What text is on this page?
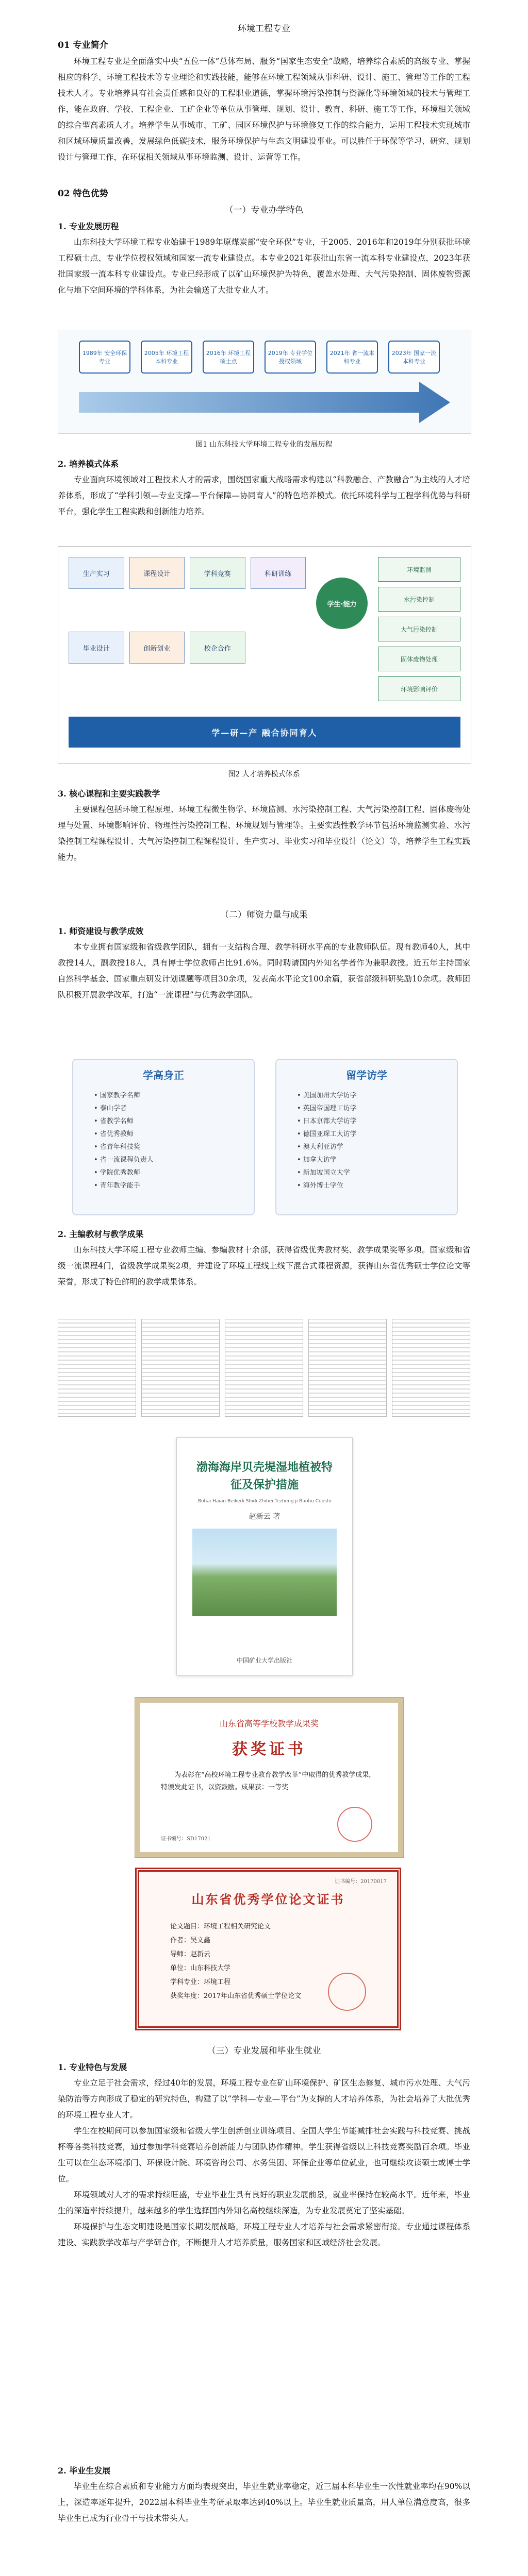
环境工程专业

01 专业简介

环境工程专业是全面落实中央“五位一体”总体布局、服务“国家生态安全”战略，培养综合素质的高级专业、掌握相应的科学、环境工程技术等专业理论和实践技能，能够在环境工程领域从事科研、设计、施工、管理等工作的工程技术人才。专业培养具有社会责任感和良好的工程职业道德，掌握环境污染控制与资源化等环境领域的技术与管理工作，能在政府、学校、工程企业、工矿企业等单位从事管理、规划、设计、教育、科研、施工等工作，环境相关领域的综合型高素质人才。培养学生从事城市、工矿、园区环境保护与环境修复工作的综合能力，运用工程技术实现城市和区域环境质量改善，发展绿色低碳技术，服务环境保护与生态文明建设事业。可以胜任于环保等学习、研究、规划设计与管理工作，在环保相关领域从事环境监测、设计、运营等工作。

02 特色优势

（一）专业办学特色

1. 专业发展历程

山东科技大学环境工程专业始建于1989年原煤炭部“安全环保”专业，于2005、2016年和2019年分别获批环境工程硕士点、专业学位授权领域和国家一流专业建设点。本专业2021年获批山东省一流本科专业建设点，2023年获批国家级一流本科专业建设点。专业已经形成了以矿山环境保护为特色，覆盖水处理、大气污染控制、固体废物资源化与地下空间环境的学科体系，为社会输送了大批专业人才。

1989年 安全环保专业
2005年 环境工程本科专业
2016年 环境工程硕士点
2019年 专业学位授权领域
2021年 省一流本科专业
2023年 国家一流本科专业
图1 山东科技大学环境工程专业的发展历程

2. 培养模式体系

专业面向环境领域对工程技术人才的需求，围绕国家重大战略需求构建以“科教融合、产教融合”为主线的人才培养体系，形成了“学科引领—专业支撑—平台保障—协同育人”的特色培养模式。依托环境科学与工程学科优势与科研平台，强化学生工程实践和创新能力培养。

生产实习	课程设计	学科竞赛	科研训练
毕业设计	创新创业	校企合作
学生·能力
环境监测
水污染控制
大气污染控制
固体废物处理
环境影响评价
学—研—产 融合协同育人
图2 人才培养模式体系

3. 核心课程和主要实践教学

主要课程包括环境工程原理、环境工程微生物学、环境监测、水污染控制工程、大气污染控制工程、固体废物处理与处置、环境影响评价、物理性污染控制工程、环境规划与管理等。主要实践性教学环节包括环境监测实验、水污染控制工程课程设计、大气污染控制工程课程设计、生产实习、毕业实习和毕业设计（论文）等，培养学生工程实践能力。

（二）师资力量与成果

1. 师资建设与教学成效

本专业拥有国家级和省级教学团队，拥有一支结构合理、教学科研水平高的专业教师队伍。现有教师40人，其中教授14人，副教授18人，具有博士学位教师占比91.6%。同时聘请国内外知名学者作为兼职教授。近五年主持国家自然科学基金、国家重点研发计划课题等项目30余项，发表高水平论文100余篇，获省部级科研奖励10余项。教师团队积极开展教学改革，打造“一流课程”与优秀教学团队。

学高身正
• 国家教学名师
• 泰山学者
• 省教学名师
• 省优秀教师
• 省青年科技奖
• 省一流课程负责人
• 学院优秀教师
• 青年教学能手
留学访学
• 美国加州大学访学
• 英国帝国理工访学
• 日本京都大学访学
• 德国亚琛工大访学
• 澳大利亚访学
• 加拿大访学
• 新加坡国立大学
• 海外博士学位

2. 主编教材与教学成果

山东科技大学环境工程专业教师主编、参编教材十余部，获得省级优秀教材奖、教学成果奖等多项。国家级和省级一流课程4门，省级教学成果奖2项，并建设了环境工程线上线下混合式课程资源，获得山东省优秀硕士学位论文等荣誉，形成了特色鲜明的教学成果体系。

渤海海岸贝壳堤湿地植被特征及保护措施
Bohai Haian Beikedi Shidi Zhibei Tezheng ji Baohu Cuoshi
赵新云 著
中国矿业大学出版社
山东省高等学校教学成果奖
获奖证书
为表彰在“高校环境工程专业教育教学改革”中取得的优秀教学成果，特颁发此证书，以资鼓励。成果获：一等奖
证书编号：SD17021
证书编号：20170017
山东省优秀学位论文证书
论文题目：环境工程相关研究论文
作者：吴文鑫
导师：赵新云
单位：山东科技大学
学科专业：环境工程
获奖年度：2017年山东省优秀硕士学位论文

（三）专业发展和毕业生就业

1. 专业特色与发展

专业立足于社会需求，经过40年的发展，环境工程专业在矿山环境保护、矿区生态修复、城市污水处理、大气污染防治等方向形成了稳定的研究特色，构建了以“学科—专业—平台”为支撑的人才培养体系，为社会培养了大批优秀的环境工程专业人才。

学生在校期间可以参加国家级和省级大学生创新创业训练项目、全国大学生节能减排社会实践与科技竞赛、挑战杯等各类科技竞赛，通过参加学科竞赛培养创新能力与团队协作精神。学生获得省级以上科技竞赛奖励百余项。毕业生可以在生态环境部门、环保设计院、环境咨询公司、水务集团、环保企业等单位就业，也可继续攻读硕士或博士学位。

环境领域对人才的需求持续旺盛，专业毕业生具有良好的职业发展前景，就业率保持在较高水平。近年来，毕业生的深造率持续提升，越来越多的学生选择国内外知名高校继续深造，为专业发展奠定了坚实基础。

环境保护与生态文明建设是国家长期发展战略，环境工程专业人才培养与社会需求紧密衔接。专业通过课程体系建设、实践教学改革与产学研合作，不断提升人才培养质量，服务国家和区域经济社会发展。

2. 毕业生发展

毕业生在综合素质和专业能力方面均表现突出，毕业生就业率稳定，近三届本科毕业生一次性就业率均在90%以上，深造率逐年提升，2022届本科毕业生考研录取率达到40%以上。毕业生就业质量高，用人单位满意度高，很多毕业生已成为行业骨干与技术带头人。
